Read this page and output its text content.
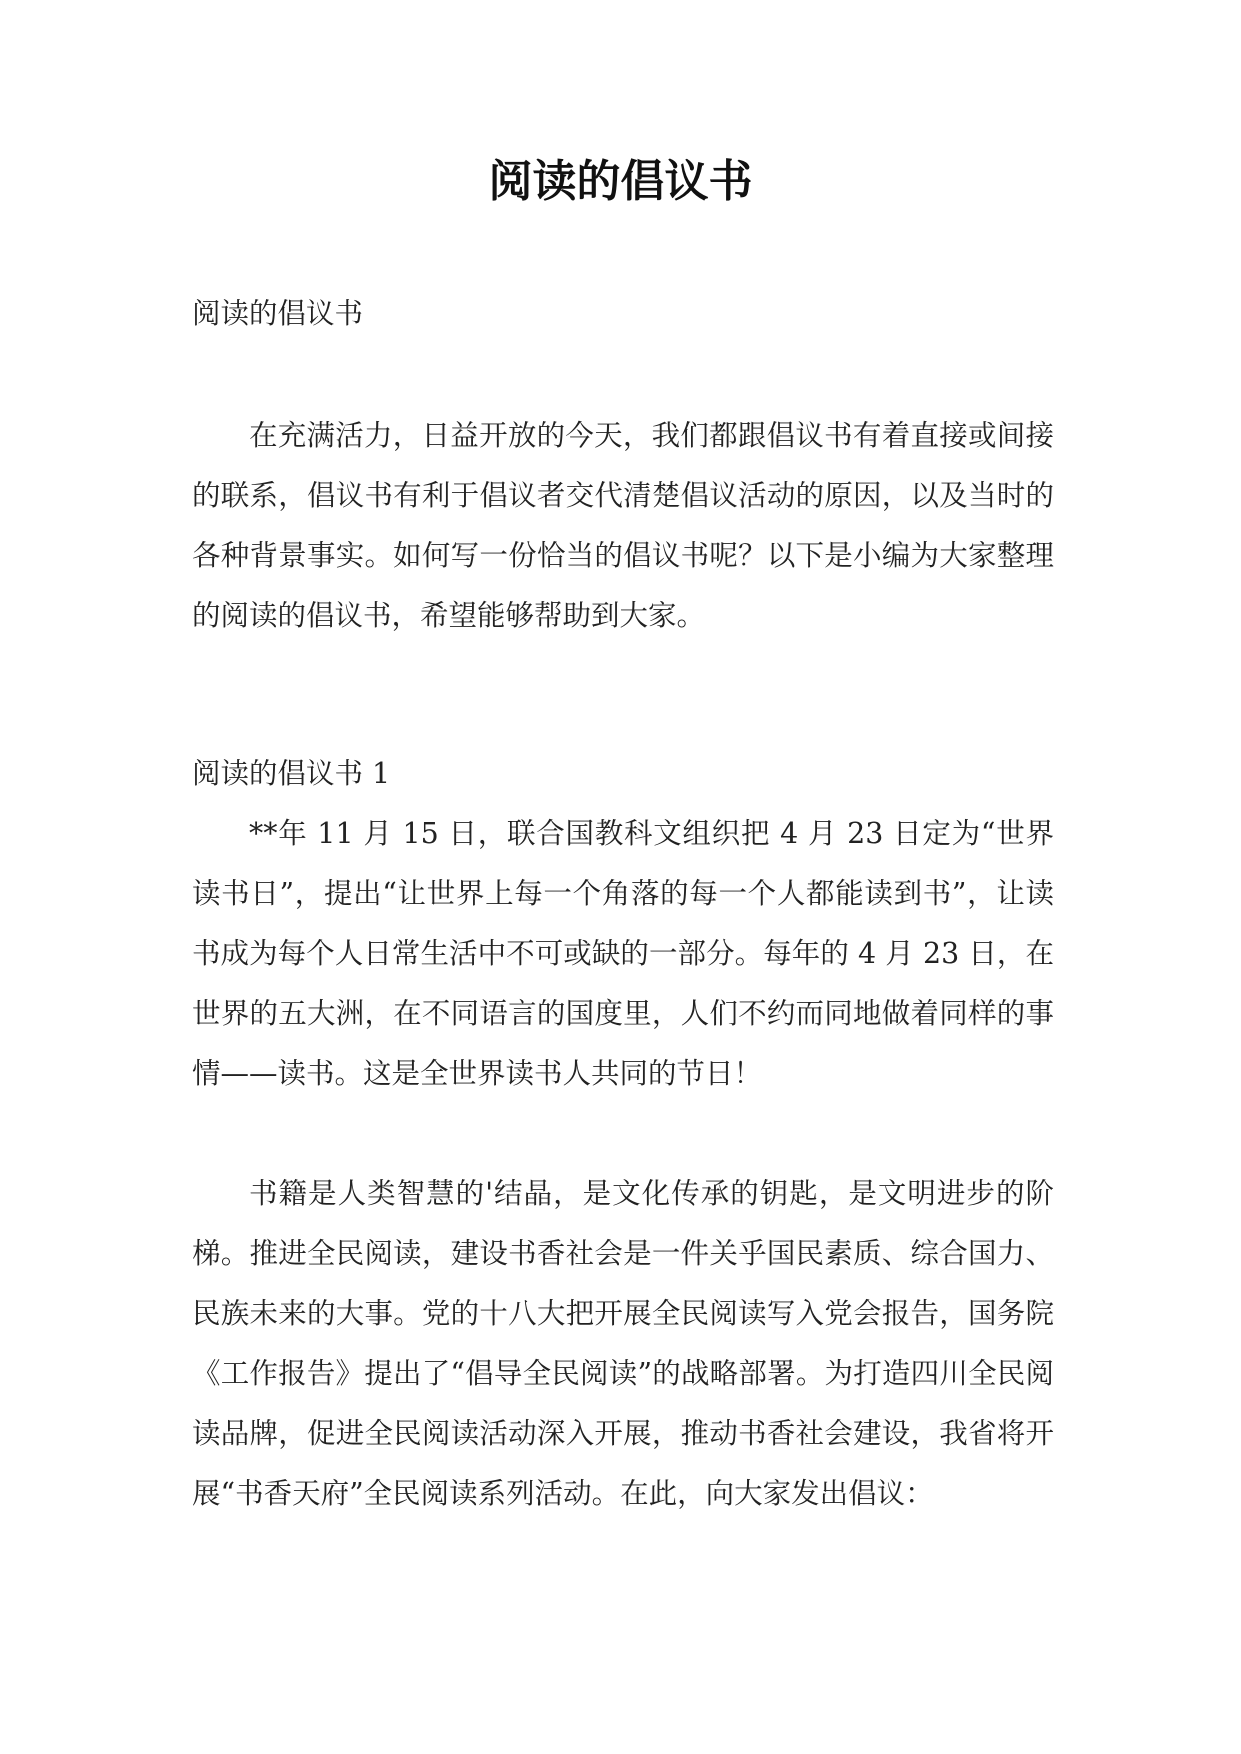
阅读的倡议书

阅读的倡议书

在充满活力，日益开放的今天，我们都跟倡议书有着直接或间接的联系，倡议书有利于倡议者交代清楚倡议活动的原因，以及当时的各种背景事实。如何写一份恰当的倡议书呢？以下是小编为大家整理的阅读的倡议书，希望能够帮助到大家。

阅读的倡议书 1

**年 11 月 15 日，联合国教科文组织把 4 月 23 日定为“世界读书日”，提出“让世界上每一个角落的每一个人都能读到书”，让读书成为每个人日常生活中不可或缺的一部分。每年的 4 月 23 日，在世界的五大洲，在不同语言的国度里，人们不约而同地做着同样的事情——读书。这是全世界读书人共同的节日！

书籍是人类智慧的'结晶，是文化传承的钥匙，是文明进步的阶梯。推进全民阅读，建设书香社会是一件关乎国民素质、综合国力、民族未来的大事。党的十八大把开展全民阅读写入党会报告，国务院《工作报告》提出了“倡导全民阅读”的战略部署。为打造四川全民阅读品牌，促进全民阅读活动深入开展，推动书香社会建设，我省将开展“书香天府”全民阅读系列活动。在此，向大家发出倡议：
